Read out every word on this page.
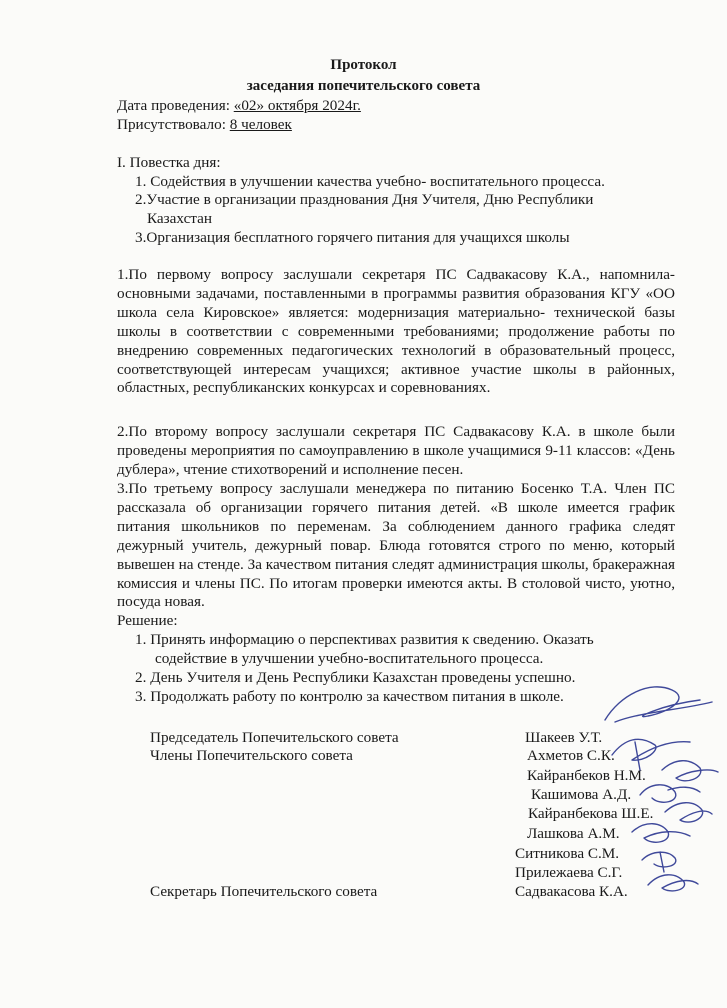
Протокол
заседания попечительского совета
Дата проведения: «02» октября 2024г.
Присутствовало: 8 человек
I. Повестка дня:
1. Содействия в улучшении качества учебно- воспитательного процесса.
2.Участие в организации празднования Дня Учителя, Дню Республики
Казахстан
3.Организация бесплатного горячего питания для учащихся школы
1.По первому вопросу заслушали секретаря ПС Садвакасову К.А., напомнила- основными задачами, поставленными в программы развития образования КГУ «ОО школа села Кировское» является: модернизация материально- технической базы школы в соответствии с современными требованиями; продолжение работы по внедрению современных педагогических технологий в образовательный процесс, соответствующей интересам учащихся; активное участие школы в районных, областных, республиканских конкурсах и соревнованиях.
2.По второму вопросу заслушали секретаря ПС Садвакасову К.А. в школе были проведены мероприятия по самоуправлению в школе учащимися 9-11 классов: «День дублера», чтение стихотворений и исполнение песен.
3.По третьему вопросу заслушали менеджера по питанию Босенко Т.А. Член ПС рассказала об организации горячего питания детей. «В школе имеется график питания школьников по переменам. За соблюдением данного графика следят дежурный учитель, дежурный повар. Блюда готовятся строго по меню, который вывешен на стенде. За качеством питания следят администрация школы, бракеражная комиссия и члены ПС. По итогам проверки имеются акты. В столовой чисто, уютно, посуда новая.
Решение:
1. Принять информацию о перспективах развития к сведению. Оказать
содействие в улучшении учебно-воспитательного процесса.
2. День Учителя и День Республики Казахстан проведены успешно.
3. Продолжать работу по контролю за качеством питания в школе.
Председатель Попечительского совета
Члены Попечительского совета
Секретарь Попечительского совета
Шакеев У.Т.
Ахметов С.К.
Кайранбеков Н.М.
Кашимова А.Д.
Кайранбекова Ш.Е.
Лашкова А.М.
Ситникова С.М.
Прилежаева С.Г.
Садвакасова К.А.
